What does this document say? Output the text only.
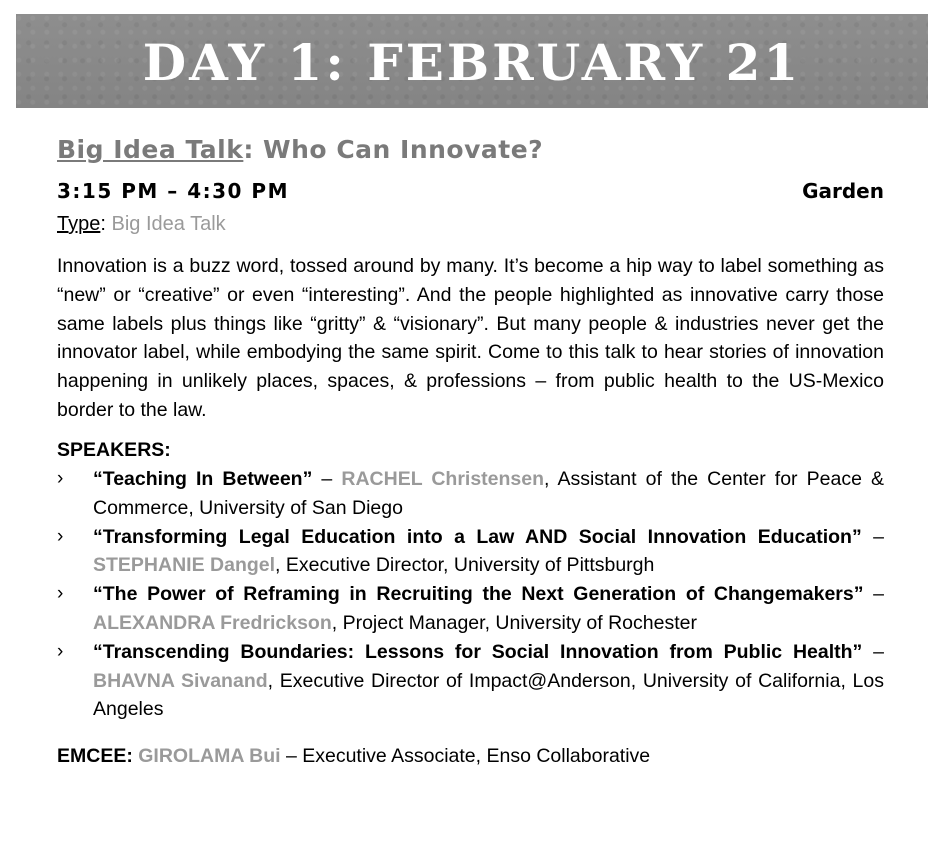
DAY 1: FEBRUARY 21
Big Idea Talk: Who Can Innovate?
3:15 PM – 4:30 PM	Garden
Type: Big Idea Talk

Innovation is a buzz word, tossed around by many. It’s become a hip way to label something as “new” or “creative” or even “interesting”. And the people highlighted as innovative carry those same labels plus things like “gritty” & “visionary”. But many people & industries never get the innovator label, while embodying the same spirit. Come to this talk to hear stories of innovation happening in unlikely places, spaces, & professions – from public health to the US-Mexico border to the law.

SPEAKERS:
› “Teaching In Between” – RACHEL Christensen, Assistant of the Center for Peace & Commerce, University of San Diego
› “Transforming Legal Education into a Law AND Social Innovation Education” – STEPHANIE Dangel, Executive Director, University of Pittsburgh
› “The Power of Reframing in Recruiting the Next Generation of Changemakers” – ALEXANDRA Fredrickson, Project Manager, University of Rochester
› “Transcending Boundaries: Lessons for Social Innovation from Public Health” – BHAVNA Sivanand, Executive Director of Impact@Anderson, University of California, Los Angeles
EMCEE: GIROLAMA Bui – Executive Associate, Enso Collaborative
